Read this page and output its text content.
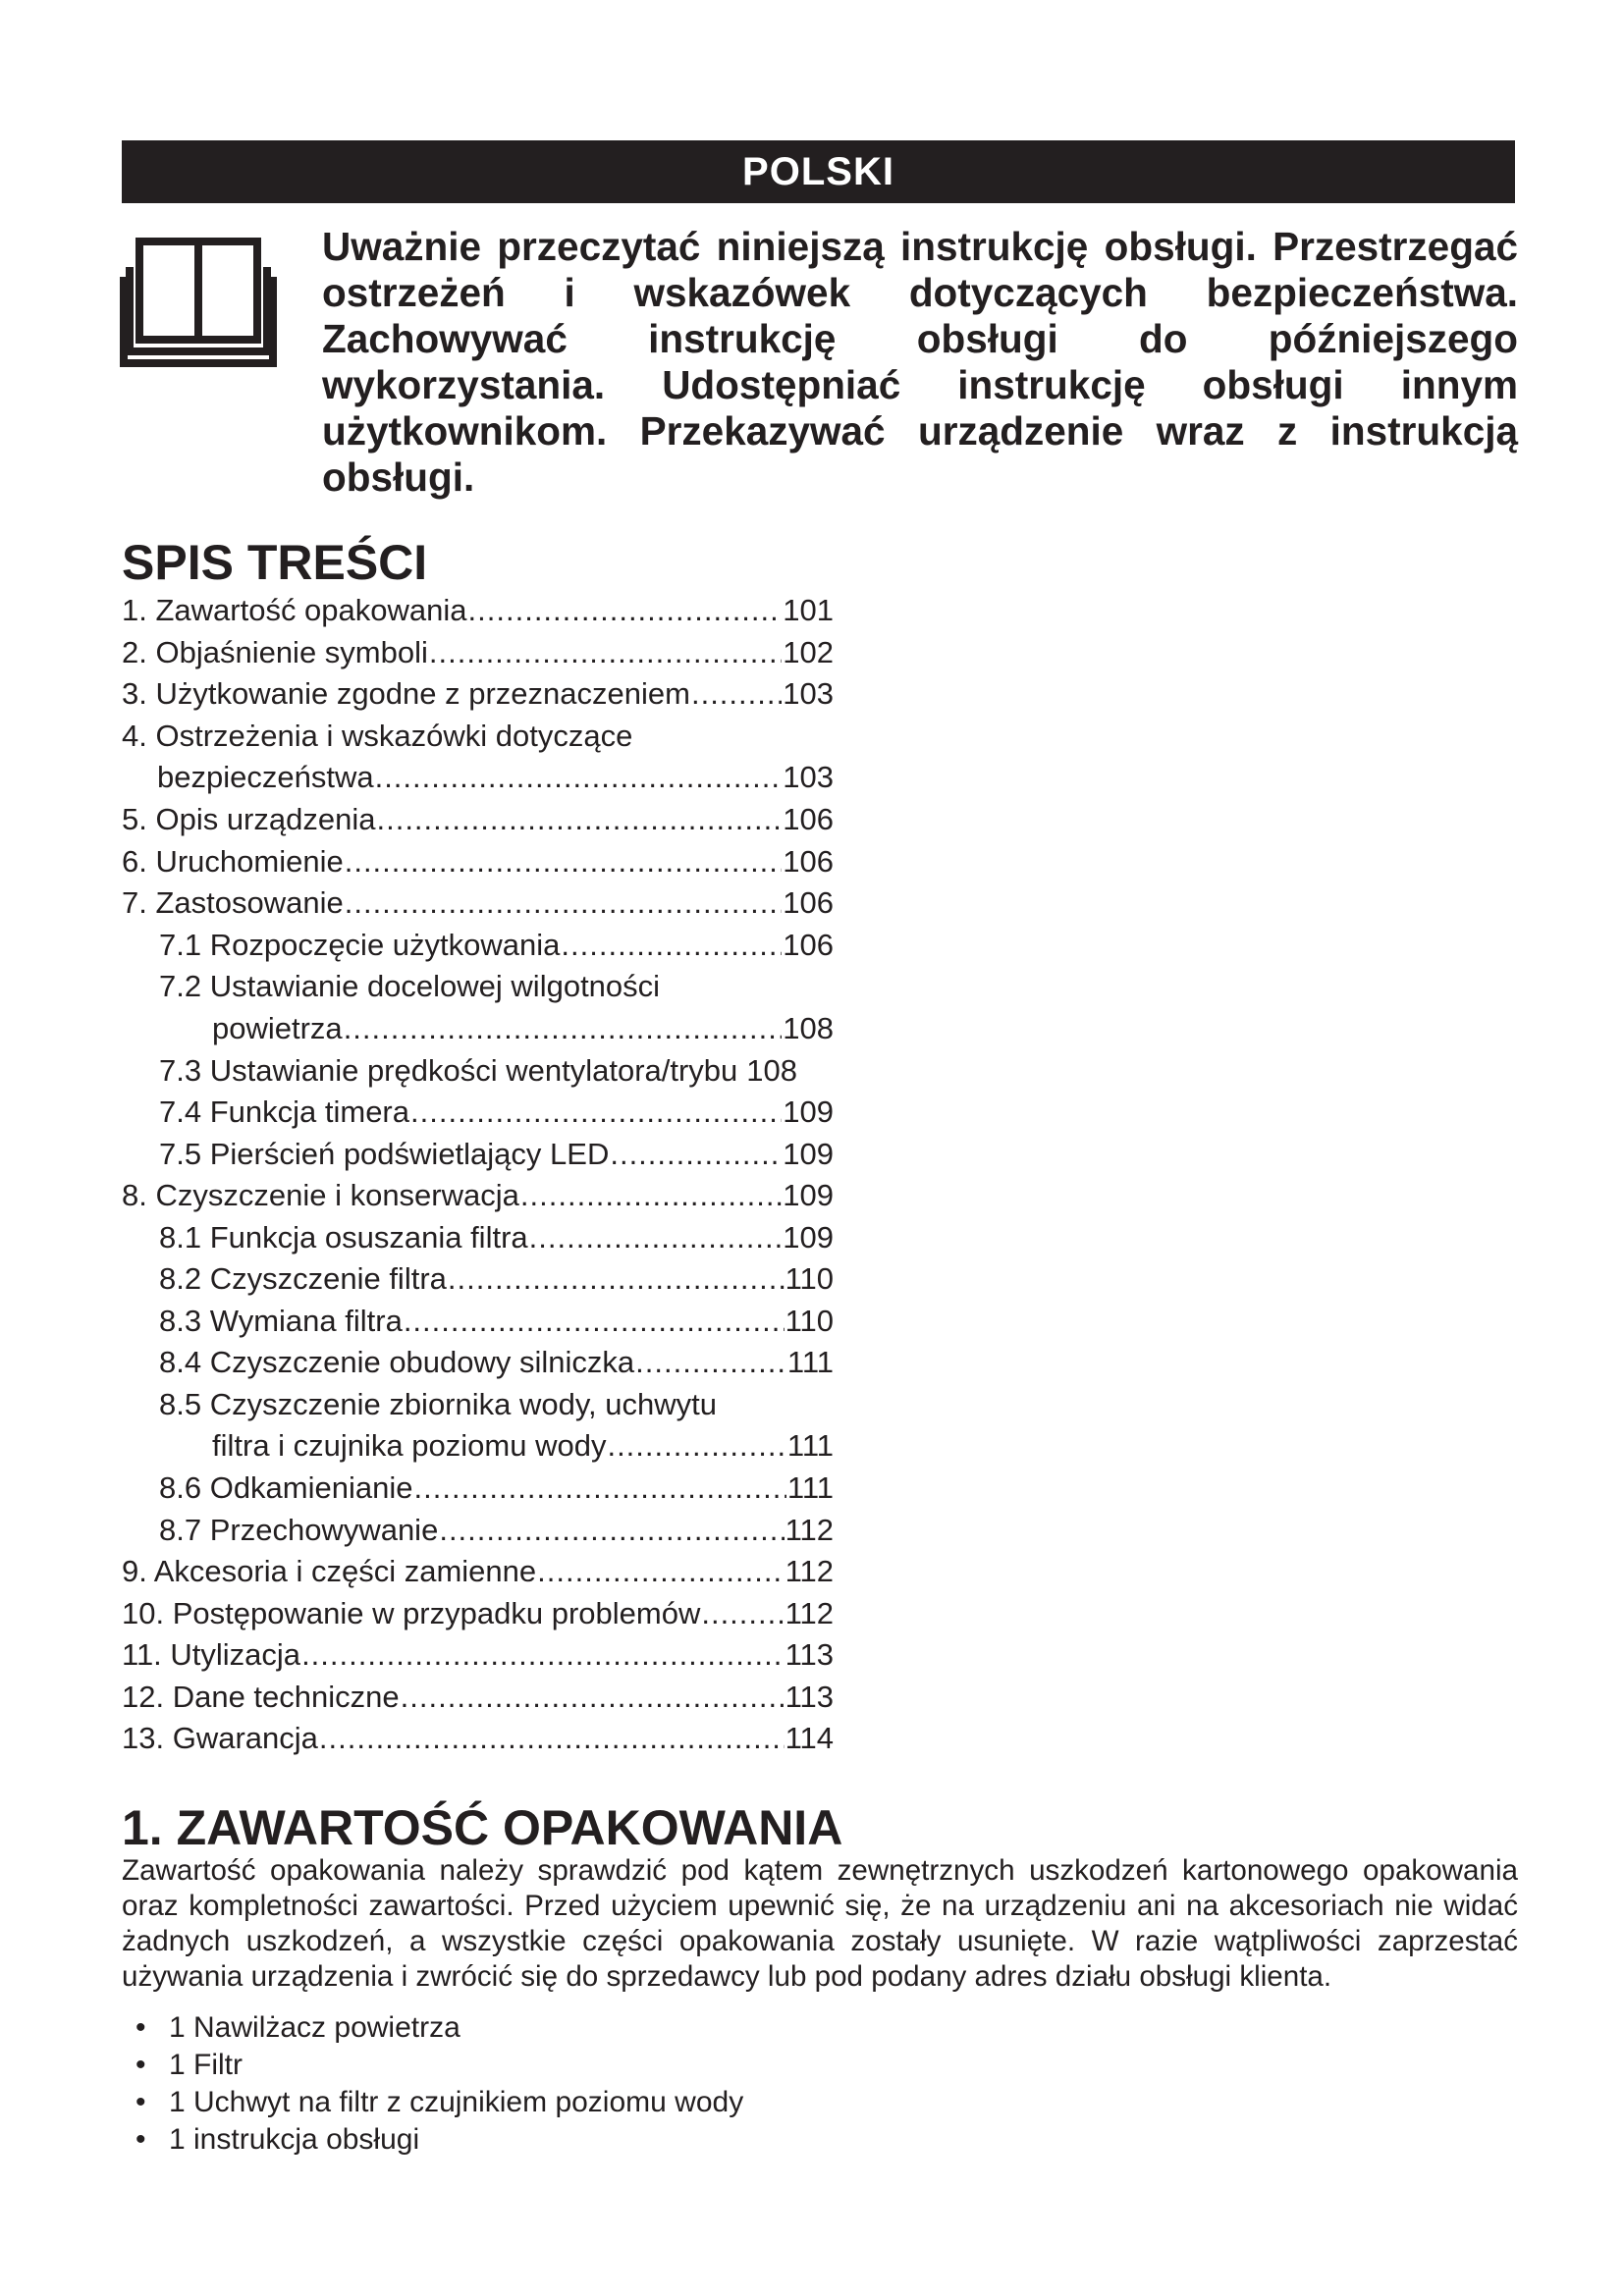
POLSKI

Uważnie przeczytać niniejszą instrukcję obsługi. Przestrzegać ostrzeżeń i wskazówek dotyczących bezpieczeństwa. Zachowywać instrukcję obsługi do późniejszego wykorzystania. Udostępniać instrukcję obsługi innym użytkownikom. Przekazywać urządzenie wraz z instrukcją obsługi.

SPIS TREŚCI
1. Zawartość opakowania .....	101
2. Objaśnienie symboli .....	102
3. Użytkowanie zgodne z przeznaczeniem .....	103
4. Ostrzeżenia i wskazówki dotyczące
bezpieczeństwa .....	103
5. Opis urządzenia .....	106
6. Uruchomienie .....	106
7. Zastosowanie .....	106
7.1 Rozpoczęcie użytkowania .....	106
7.2 Ustawianie docelowej wilgotności
powietrza .....	108
7.3 Ustawianie prędkości wentylatora/trybu 108
7.4 Funkcja timera .....	109
7.5 Pierścień podświetlający LED .....	109
8. Czyszczenie i konserwacja .....	109
8.1 Funkcja osuszania filtra .....	109
8.2 Czyszczenie filtra .....	110
8.3 Wymiana filtra .....	110
8.4 Czyszczenie obudowy silniczka .....	111
8.5 Czyszczenie zbiornika wody, uchwytu
filtra i czujnika poziomu wody .....	111
8.6 Odkamienianie .....	111
8.7 Przechowywanie .....	112
9. Akcesoria i części zamienne .....	112
10. Postępowanie w przypadku problemów .....	112
11. Utylizacja .....	113
12. Dane techniczne .....	113
13. Gwarancja .....	114
1. ZAWARTOŚĆ OPAKOWANIA

Zawartość opakowania należy sprawdzić pod kątem zewnętrznych uszkodzeń kartonowego opakowania oraz kompletności zawartości. Przed użyciem upewnić się, że na urządzeniu ani na akcesoriach nie widać żadnych uszkodzeń, a wszystkie części opakowania zostały usunięte. W razie wątpliwości zaprzestać używania urządzenia i zwrócić się do sprzedawcy lub pod podany adres działu obsługi klienta.

• 1 Nawilżacz powietrza
• 1 Filtr
• 1 Uchwyt na filtr z czujnikiem poziomu wody
• 1 instrukcja obsługi
